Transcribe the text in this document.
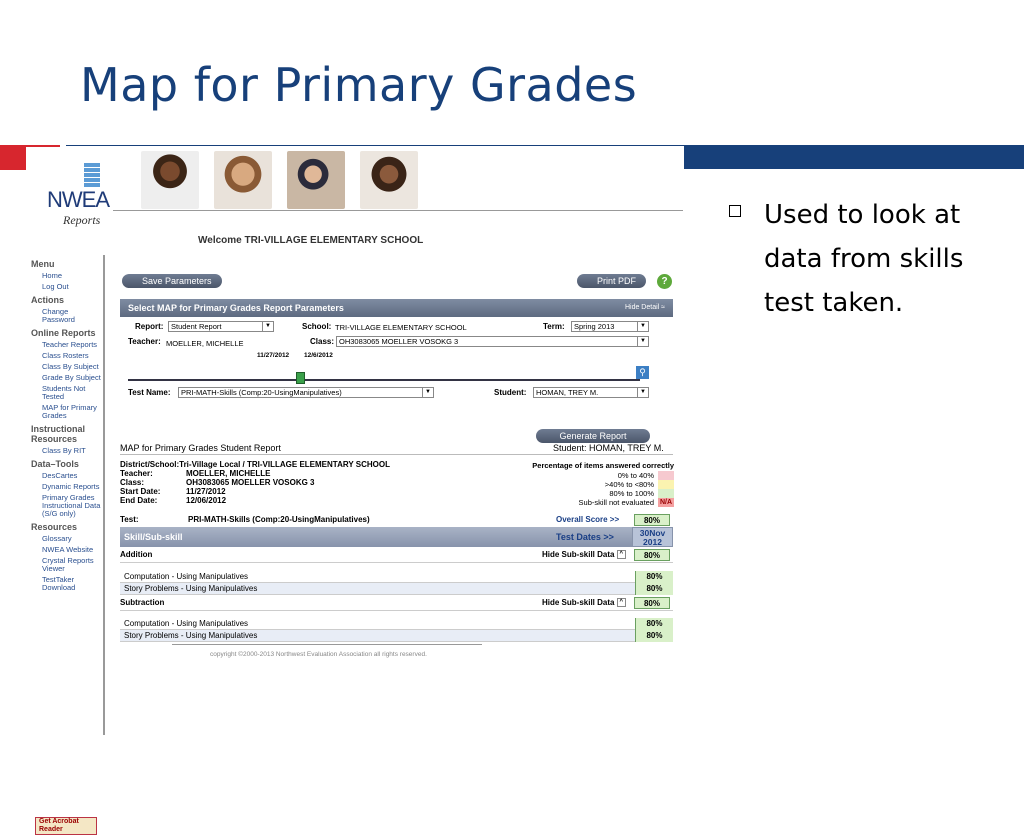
Map for Primary Grades
Used to look at data from skills test taken.
NWEA
Reports
Welcome TRI-VILLAGE ELEMENTARY SCHOOL
Menu
Home
Log Out
Actions
Change Password
Online Reports
Teacher Reports
Class Rosters
Class By Subject
Grade By Subject
Students Not Tested
MAP for Primary Grades
Instructional Resources
Class By RIT
Data–Tools
DesCartes
Dynamic Reports
Primary Grades Instructional Data (S/G only)
Resources
Glossary
NWEA Website
Crystal Reports Viewer
TestTaker Download
Get Acrobat Reader
Save Parameters	Print PDF	?
Select MAP for Primary Grades Report Parameters	Hide Detail ≈
Report:	Student Report	▼	School: TRI-VILLAGE ELEMENTARY SCHOOL	Term:	Spring 2013	▼
Teacher: MOELLER, MICHELLE	Class: OH3083065 MOELLER VOSOKG 3	▼
11/27/2012 12/6/2012
⚲
Test Name:	PRI-MATH-Skills (Comp:20-UsingManipulatives)	▼	Student:	HOMAN, TREY M.	▼
Generate Report
MAP for Primary Grades Student Report	Student: HOMAN, TREY M.
District/School: Tri-Village Local / TRI-VILLAGE ELEMENTARY SCHOOL
Teacher:	MOELLER, MICHELLE
Class:	OH3083065 MOELLER VOSOKG 3
Start Date:	11/27/2012
End Date:	12/06/2012
Percentage of items answered correctly
0% to 40%
>40% to <80%
80% to 100%
Sub-skill not evaluated N/A
Test:	PRI-MATH-Skills (Comp:20-UsingManipulatives)	Overall Score >>	80%
Skill/Sub-skill	Test Dates >>	30Nov 2012
Addition	Hide Sub-skill Data ^	80%
Computation - Using Manipulatives	80%
Story Problems - Using Manipulatives	80%
Subtraction	Hide Sub-skill Data ^	80%
Computation - Using Manipulatives	80%
Story Problems - Using Manipulatives	80%
copyright ©2000-2013 Northwest Evaluation Association all rights reserved.
